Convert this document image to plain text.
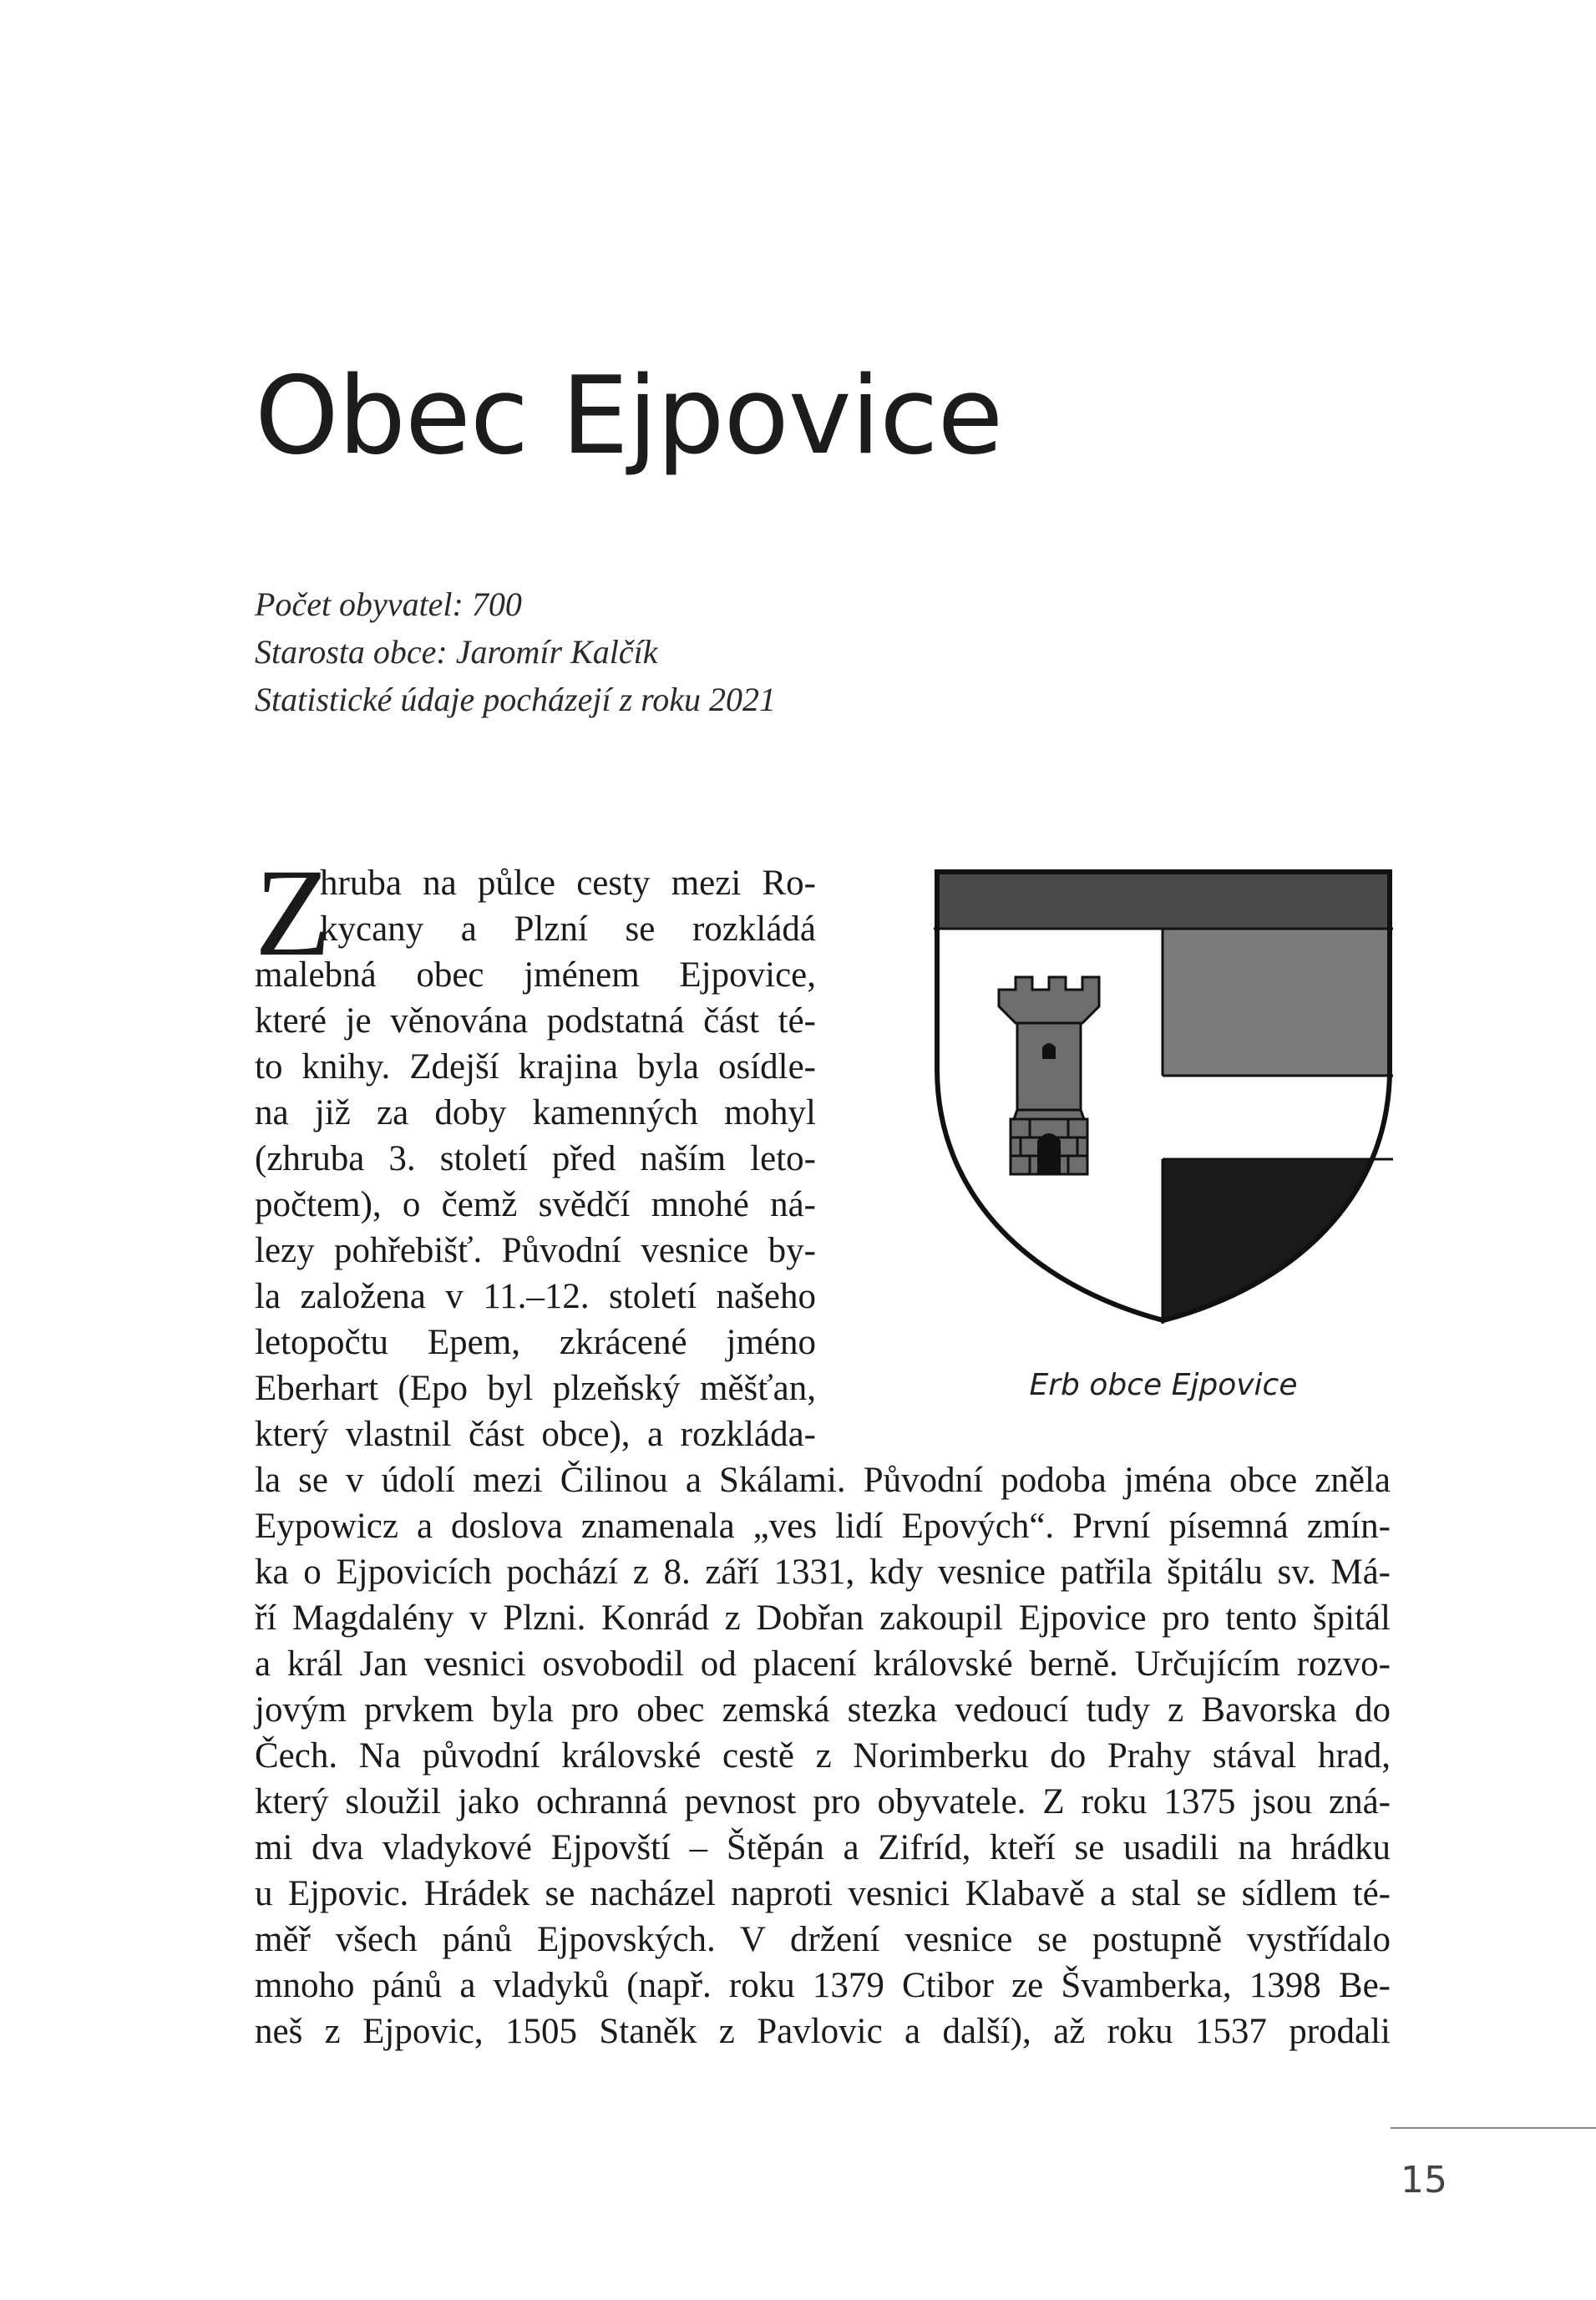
Obec Ejpovice
Počet obyvatel: 700
Starosta obce: Jaromír Kalčík
Statistické údaje pocházejí z roku 2021
Z
hruba na půlce cesty mezi Ro-
kycany a Plzní se rozkládá
malebná obec jménem Ejpovice,
které je věnována podstatná část té-
to knihy. Zdejší krajina byla osídle-
na již za doby kamenných mohyl
(zhruba 3. století před naším leto-
počtem), o čemž svědčí mnohé ná-
lezy pohřebišť. Původní vesnice by-
la založena v 11.–12. století našeho
letopočtu Epem, zkrácené jméno
Eberhart (Epo byl plzeňský měšťan,
který vlastnil část obce), a rozkláda-
Erb obce Ejpovice
la se v údolí mezi Čilinou a Skálami. Původní podoba jména obce zněla
Eypowicz a doslova znamenala „ves lidí Epových“. První písemná zmín-
ka o Ejpovicích pochází z 8. září 1331, kdy vesnice patřila špitálu sv. Má-
ří Magdalény v Plzni. Konrád z Dobřan zakoupil Ejpovice pro tento špitál
a král Jan vesnici osvobodil od placení královské berně. Určujícím rozvo-
jovým prvkem byla pro obec zemská stezka vedoucí tudy z Bavorska do
Čech. Na původní královské cestě z Norimberku do Prahy stával hrad,
který sloužil jako ochranná pevnost pro obyvatele. Z roku 1375 jsou zná-
mi dva vladykové Ejpovští – Štěpán a Zifríd, kteří se usadili na hrádku
u Ejpovic. Hrádek se nacházel naproti vesnici Klabavě a stal se sídlem té-
měř všech pánů Ejpovských. V držení vesnice se postupně vystřídalo
mnoho pánů a vladyků (např. roku 1379 Ctibor ze Švamberka, 1398 Be-
neš z Ejpovic, 1505 Staněk z Pavlovic a další), až roku 1537 prodali
15
